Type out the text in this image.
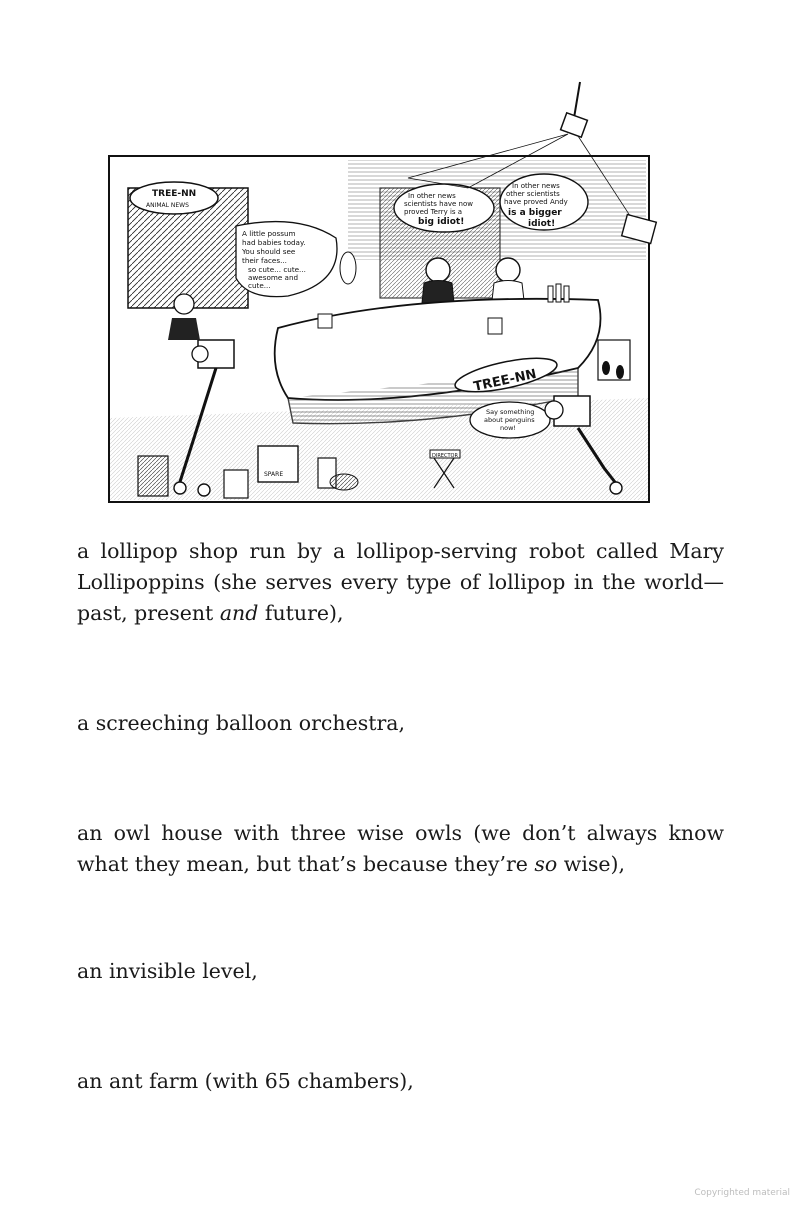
TREE-NN
ANIMAL NEWS
A little possum had babies today. You should see their faces... so cute... cute... awesome and cute...
In other news scientists have now proved Terry is a big idiot!
In other news other scientists have proved Andy is a bigger idiot!
TREE-NN
Say something about penguins now!
DIRECTOR
SPARE

a lollipop shop run by a lollipop-serving robot called Mary Lollipoppins (she serves every type of lollipop in the world—past, present and future),

a screeching balloon orchestra,

an owl house with three wise owls (we don’t always know what they mean, but that’s because they’re so wise),

an invisible level,

an ant farm (with 65 chambers),

Copyrighted material
